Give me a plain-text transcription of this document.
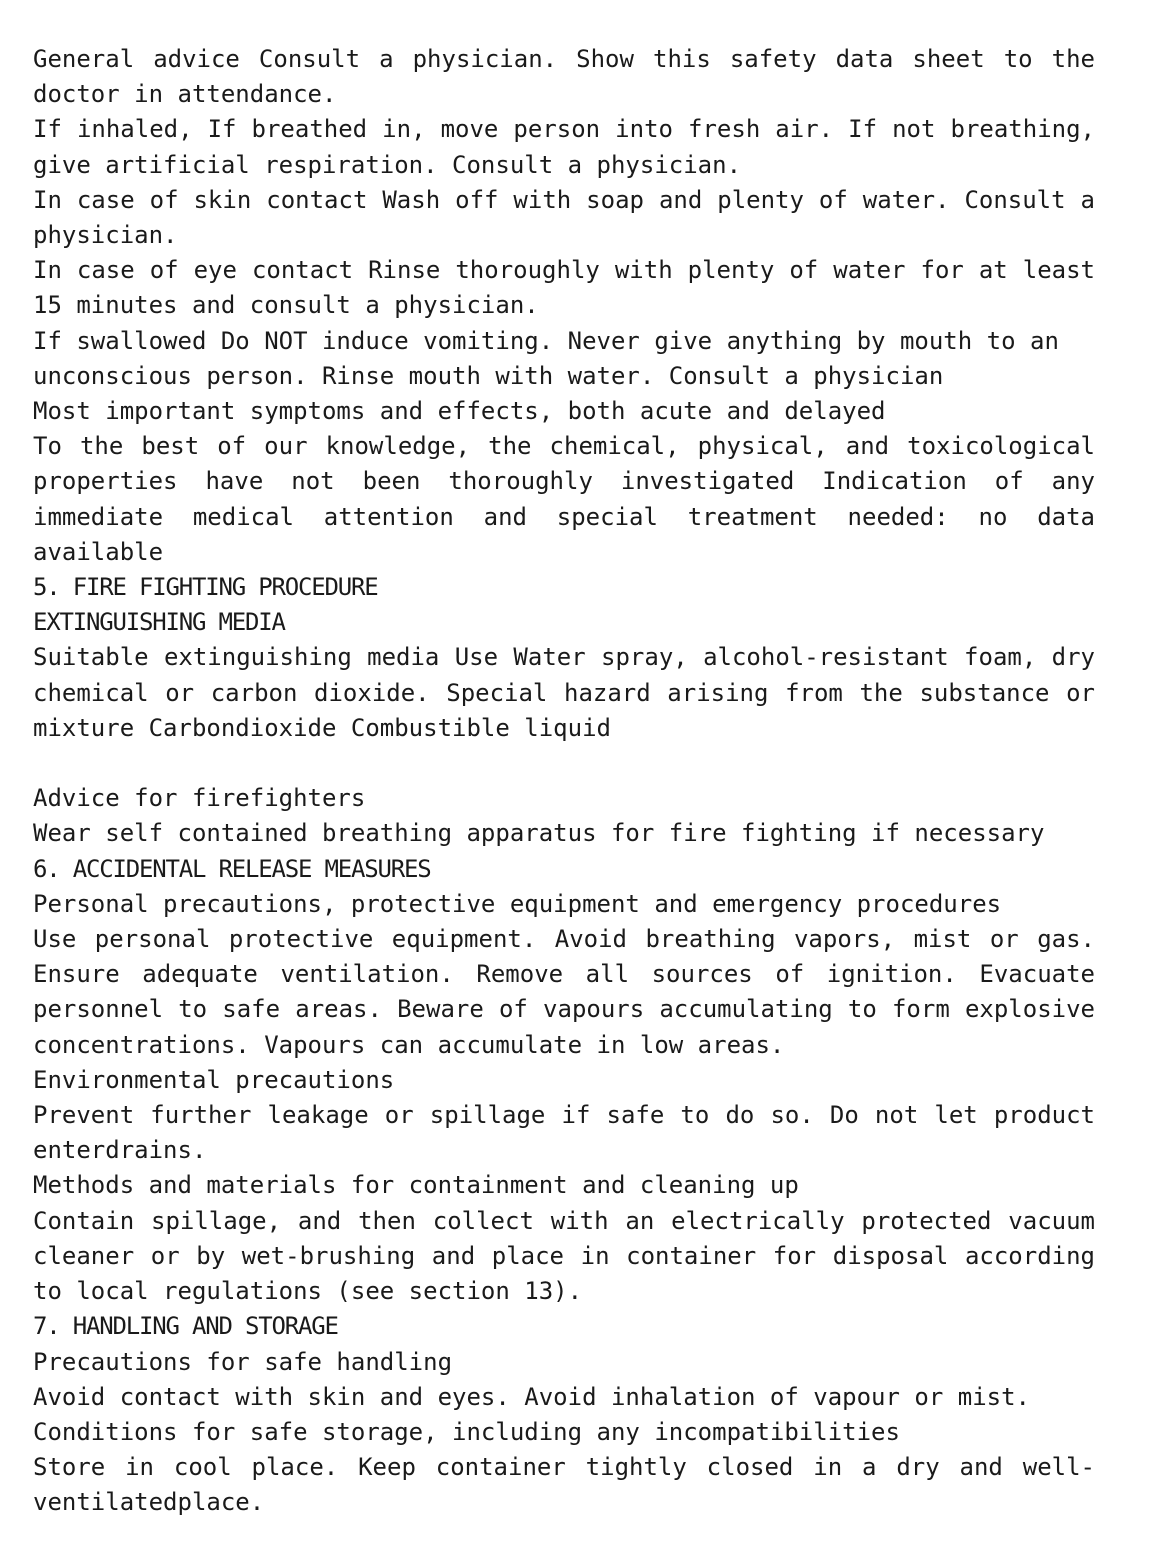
General advice Consult a physician. Show this safety data sheet to the doctor in attendance.

If inhaled, If breathed in, move person into fresh air. If not breathing, give artificial respiration. Consult a physician.

In case of skin contact Wash off with soap and plenty of water. Consult a physician.

In case of eye contact Rinse thoroughly with plenty of water for at least 15 minutes and consult a physician.

If swallowed Do NOT induce vomiting. Never give anything by mouth to an unconscious person. Rinse mouth with water. Consult a physician

Most important symptoms and effects, both acute and delayed

To the best of our knowledge, the chemical, physical, and toxicological properties have not been thoroughly investigated Indication of any immediate medical attention and special treatment needed: no data available

5. FIRE FIGHTING PROCEDURE

EXTINGUISHING MEDIA

Suitable extinguishing media Use Water spray, alcohol-resistant foam, dry chemical or carbon dioxide. Special hazard arising from the substance or mixture Carbondioxide Combustible liquid

Advice for firefighters

Wear self contained breathing apparatus for fire fighting if necessary

6. ACCIDENTAL RELEASE MEASURES

Personal precautions, protective equipment and emergency procedures

Use personal protective equipment. Avoid breathing vapors, mist or gas. Ensure adequate ventilation. Remove all sources of ignition. Evacuate personnel to safe areas. Beware of vapours accumulating to form explosive concentrations. Vapours can accumulate in low areas.

Environmental precautions

Prevent further leakage or spillage if safe to do so. Do not let product enterdrains.

Methods and materials for containment and cleaning up

Contain spillage, and then collect with an electrically protected vacuum cleaner or by wet-brushing and place in container for disposal according to local regulations (see section 13).

7. HANDLING AND STORAGE

Precautions for safe handling

Avoid contact with skin and eyes. Avoid inhalation of vapour or mist.

Conditions for safe storage, including any incompatibilities

Store in cool place. Keep container tightly closed in a dry and well-ventilatedplace.
